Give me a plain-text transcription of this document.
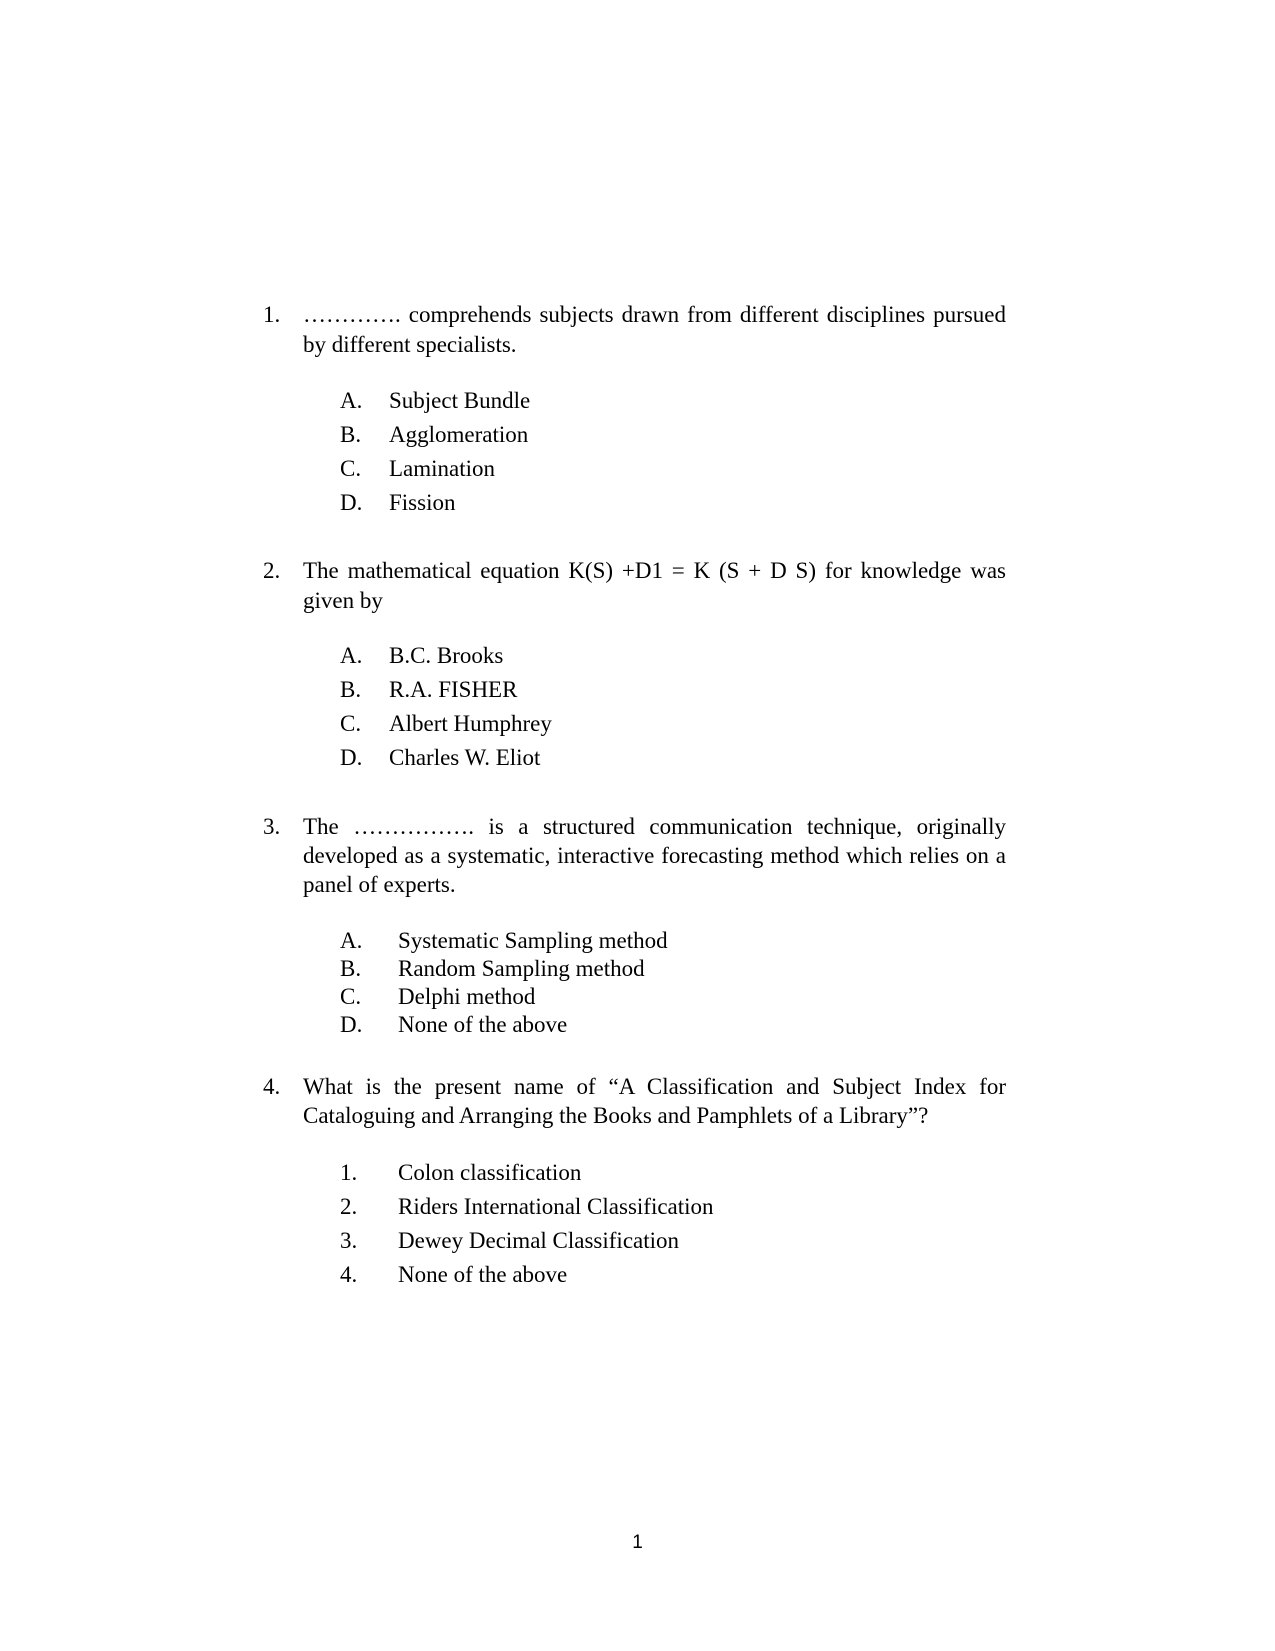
1. …………. comprehends subjects drawn from different disciplines pursued by different specialists.
A. Subject Bundle
B. Agglomeration
C. Lamination
D. Fission
2. The mathematical equation K(S) +D1 = K (S + D S) for knowledge was given by
A. B.C. Brooks
B. R.A. FISHER
C. Albert Humphrey
D. Charles W. Eliot
3. The ……………. is a structured communication technique, originally developed as a systematic, interactive forecasting method which relies on a panel of experts.
A. Systematic Sampling method
B. Random Sampling method
C. Delphi method
D. None of the above
4. What is the present name of “A Classification and Subject Index for Cataloguing and Arranging the Books and Pamphlets of a Library”?
1. Colon classification
2. Riders International Classification
3. Dewey Decimal Classification
4. None of the above
1
